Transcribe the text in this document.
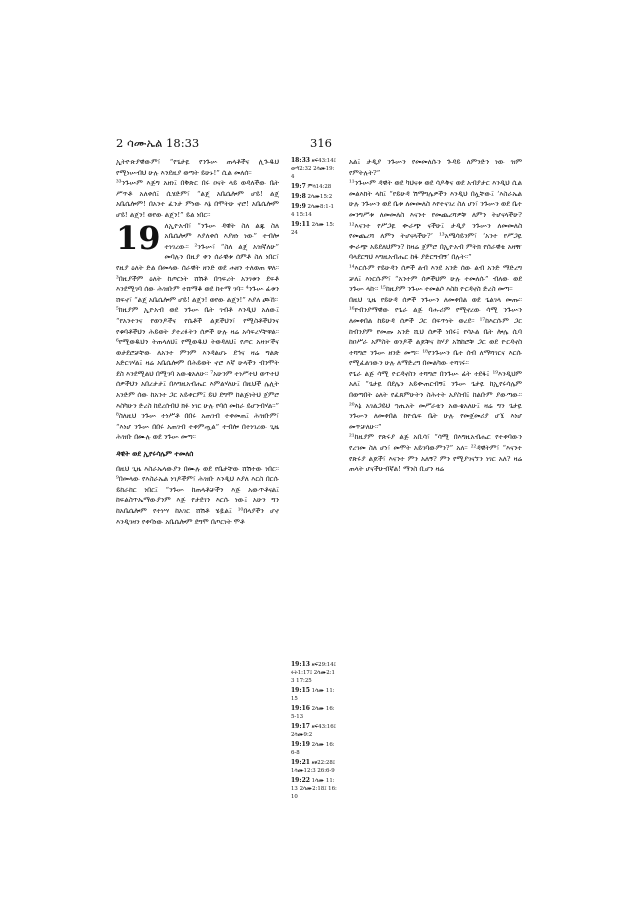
2 ሳሙኤል 18:33	316

ኢትዮጵያዊውም፣ “የጌታዬ የንጉሡ ጠላቶችና ሊጕዱህ የሚነሡብህ ሁሉ እንደዚያ ወጣት ይሁኑ!” ሲል መለሰ።

³³ንጉሡም እጅግ አዘነ፤ በቅጽር በሩ ዐናት ላይ ወዳለችው ቤት ሥጥቶ አለቀሰ፤ ሲሄድም፣ “ልጄ አቤሴሎም ሆይ! ልጄ አቤሴሎም! በአንተ ፈንታ ምነው እኔ በሞትሁ ኖሮ! አቤሴሎም ሆይ! ልጄን! ወየው ልጄን!” ይል ነበር።

19 ለኢዮአብ፣ “ንጉሡ ዳዊት ስለ ልጁ ስለ አቤሴሎም እያለቀሰ እያዘነ ነው” ተብሎ ተነገረው። ²ንጉሡ፣ “ስለ ልጄ አዝኛለሁ” መባሉን በዚያ ቀን ሰራዊቱ ሰምቶ ስለ ነበር፣ የዚያ ዕለት ድል በመላው ሰራዊት ዘንድ ወደ ሐዘን ተለወጠ ዋለ። ³በዚያችም ዕለት ከጦርነት ሸሽቶ በኀፍረት አንገቱን ደፍቶ እንደሚገባ ሰው ሕዝቡም ተሸማቆ ወደ ከተማ ገባ። ⁴ንጉሡ ፊቱን ሸፍኖ፣ “ልጄ አቤሴሎም ሆይ! ልጄን! ወየው ልጄን!” እያለ ጮኸ።

⁵ከዚያም ኢዮአብ ወደ ንጉሡ ቤት ገብቶ እንዲህ አለው፤ “የአንተንና የወንዶችና የሴቶች ልጆችህን፣ የሚስቶችህንና የቁባቶችህን ሕይወት ያተረፉትን ሰዎች ሁሉ ዛሬ አሳፍረሃቸዋል። ⁶የሚወዱህን ትጠላለህ፤ የሚወዱህ ትወዳለህ፤ የጦር አዛዦችና ወታደሮቻቸው ለአንተ ምንም እንዳልሆኑ ደኅና ዛሬ ግልጽ አድርገሃል፤ ዛሬ አቤሴሎም በሕይወት ኖሮ እኛ ሁላችን ብንሞት ደስ እንደሚልህ በሚገባ አውቄአለሁ። ⁷አሁንም ተነሥተህ ወጥተህ ሰዎችህን አበረታታ፤ በእግዚአብሔር እምልሃለሁ፤ በዚህች ሌሊት አንድም ሰው ከአንተ ጋር አይቀርም፤ ይህ ደግሞ ከልጅነትህ ጀምሮ እስካሁን ድረስ ከደረሰብህ ክፉ ነገር ሁሉ የባሰ መከራ ይሆንብሃል።” ⁸ስለዚህ ንጉሡ ተነሥቶ በበሩ አጠገብ ተቀመጠ፤ ሕዝቡም፣ “እነሆ ንጉሡ በበሩ አጠገብ ተቀምጧል” ተብሎ በተነገረው ጊዜ ሕዝቡ በሙሉ ወደ ንጉሡ መጣ።

ዳዊት ወደ ኢየሩሳሌም ተመለሰ

በዚህ ጊዜ እስራኤላውያን በሙሉ ወደ የቤታቸው ሸሽተው ነበር። ⁹በመላው የእስራኤል ነገዶችም፣ ሕዝቡ እንዲህ እያለ እርስ በርሱ ይከራከር ነበር፤ “ንጉሡ ከጠላቶቻችን እጅ አውጥቶናል፤ ከፍልስጥኤማውያንም እጅ የታደገን እርሱ ነው፤ አሁን ግን ከአቤሴሎም የተነሣ ከአገር ሸሽቶ ሄዷል፤ ¹⁰በላያችን ሆኖ እንዲገዛን የቀባነው አቤሴሎም ደግሞ በጦርነት ሞቶ

18:33 ዘፍ43:14፤ ወጣ2:32 2ሳሙ19:4
19:7 ምሳ14:28
19:8 2ሳሙ15:2
19:9 2ሳሙ8:1-14 15:14
19:11 2ሳሙ 15:24
19:13 ዘፍ29:14፤ ሩት1:17፤ 2ሳሙ2:13 17:25
19:15 1ሳሙ 11:15
19:16 2ሳሙ 16:5-13
19:17 ዘፍ43:16፤ 2ሳሙ9:2
19:19 2ሳሙ 16:6-8
19:21 ዘፀ22:28፤ 1ሳሙ12:3 26:6-9
19:22 1ሳሙ 11:13 2ሳሙ2:18፤ 16:10

አል፤ ታዲያ ንጉሡን የመመለሱን ጕዳይ ለምንድን ነው ዝም የምትሉት?”

¹¹ንጉሡም ዳዊት ወደ ካህናቱ ወደ ሳዶቅና ወደ አብያታር እንዲህ ሲል መልእክት ላከ፤ “የይሁዳ ሽማግሌዎችን እንዲህ በሏቸው፤ ‘እስራኤል ሁሉ ንጉሡን ወደ ቤቱ ለመመለስ እየተናገረ ስለ ሆነ፣ ንጉሡን ወደ ቤተ መንግሥቱ ለመመለስ እናንተ የመጨረሻዎቹ ለምን ትሆናላችሁ? ¹²እናንተ የሥጋዬ ቍራጭ ናችሁ፤ ታዲያ ንጉሡን ለመመለስ የመጨረሻ ለምን ትሆናላችሁ?’ ¹³አሜሳይንም፣ ‘አንተ የሥጋዬ ቍራጭ አይደለህምን? ከዛሬ ጀምሮ በኢዮአብ ምትክ የሰራዊቴ አዛዥ ባላደርግህ እግዚአብሔር ከፋ ያድርግብኝ’ በሉት።”

¹⁴እርሱም የይሁዳን ሰዎች ልብ እንደ አንድ ሰው ልብ አንድ ማድረግ ቻለ፤ እነርሱም፣ “አንተም ሰዎችህም ሁሉ ተመለሱ” ብለው ወደ ንጉሡ ላኩ። ¹⁵ከዚያም ንጉሡ ተመልሶ እስከ ዮርዳኖስ ድረስ መጣ።

በዚህ ጊዜ የይሁዳ ሰዎች ንጉሡን ለመቀበል ወደ ጌልገላ መጡ። ¹⁶የብንያማዊው የጌራ ልጅ ባሑሪም የሚኖረው ሳሚ ንጉሡን ለመቀበል ከይሁዳ ሰዎች ጋር በፍጥነት ወረደ። ¹⁷ከእርሱም ጋር ከብንያም የመጡ አንድ ሺህ ሰዎች ነበሩ፤ የሳኦል ቤት ሎሌ ሲባ ከዐሥራ አምስት ወንዶች ልጆቹና ከሃያ አሽከሮቹ ጋር ወደ ዮርዳኖስ ተሻግሮ ንጉሡ ዘንድ መጣ። ¹⁸የንጉሡን ቤተ ሰብ ለማሻገርና እርሱ የሚፈልገውን ሁሉ ለማድረግ በመልካው ተሻገሩ።

የጌራ ልጅ ሳሚ ዮርዳኖስን ተሻግሮ በንጉሡ ፊት ተደፋ፤ ¹⁹እንዲህም አለ፤ “ጌታዬ በደሌን አይቍጠርብኝ፤ ንጉሡ ጌታዬ ከኢየሩሳሌም በወጣበት ዕለት የፈጸምሁትን ስሕተት አያስብ፤ ከልቡም ያውጣው። ²⁰እኔ አገልጋይህ ኀጢአት መሥራቴን አውቄአለሁ፤ ዛሬ ግን ጌታዬ ንጉሡን ለመቀበል ከዮሴፍ ቤት ሁሉ የመጀመሪያ ሆኜ እነሆ መጥቻለሁ።”

²¹ከዚያም የጽሩያ ልጅ አቢሳ፣ “ሳሚ በእግዚአብሔር የተቀባውን የረገመ ስለ ሆነ፣ መሞት አይገባውምን?” አለ። ²²ዳዊትም፣ “እናንተ የጽሩያ ልጆች፣ እናንተ ምን አለኝ? ምን የሚያገናኘን ነገር አለ? ዛሬ ጠላት ሆናችሁብኛል! ማንስ ቢሆን ዛሬ
